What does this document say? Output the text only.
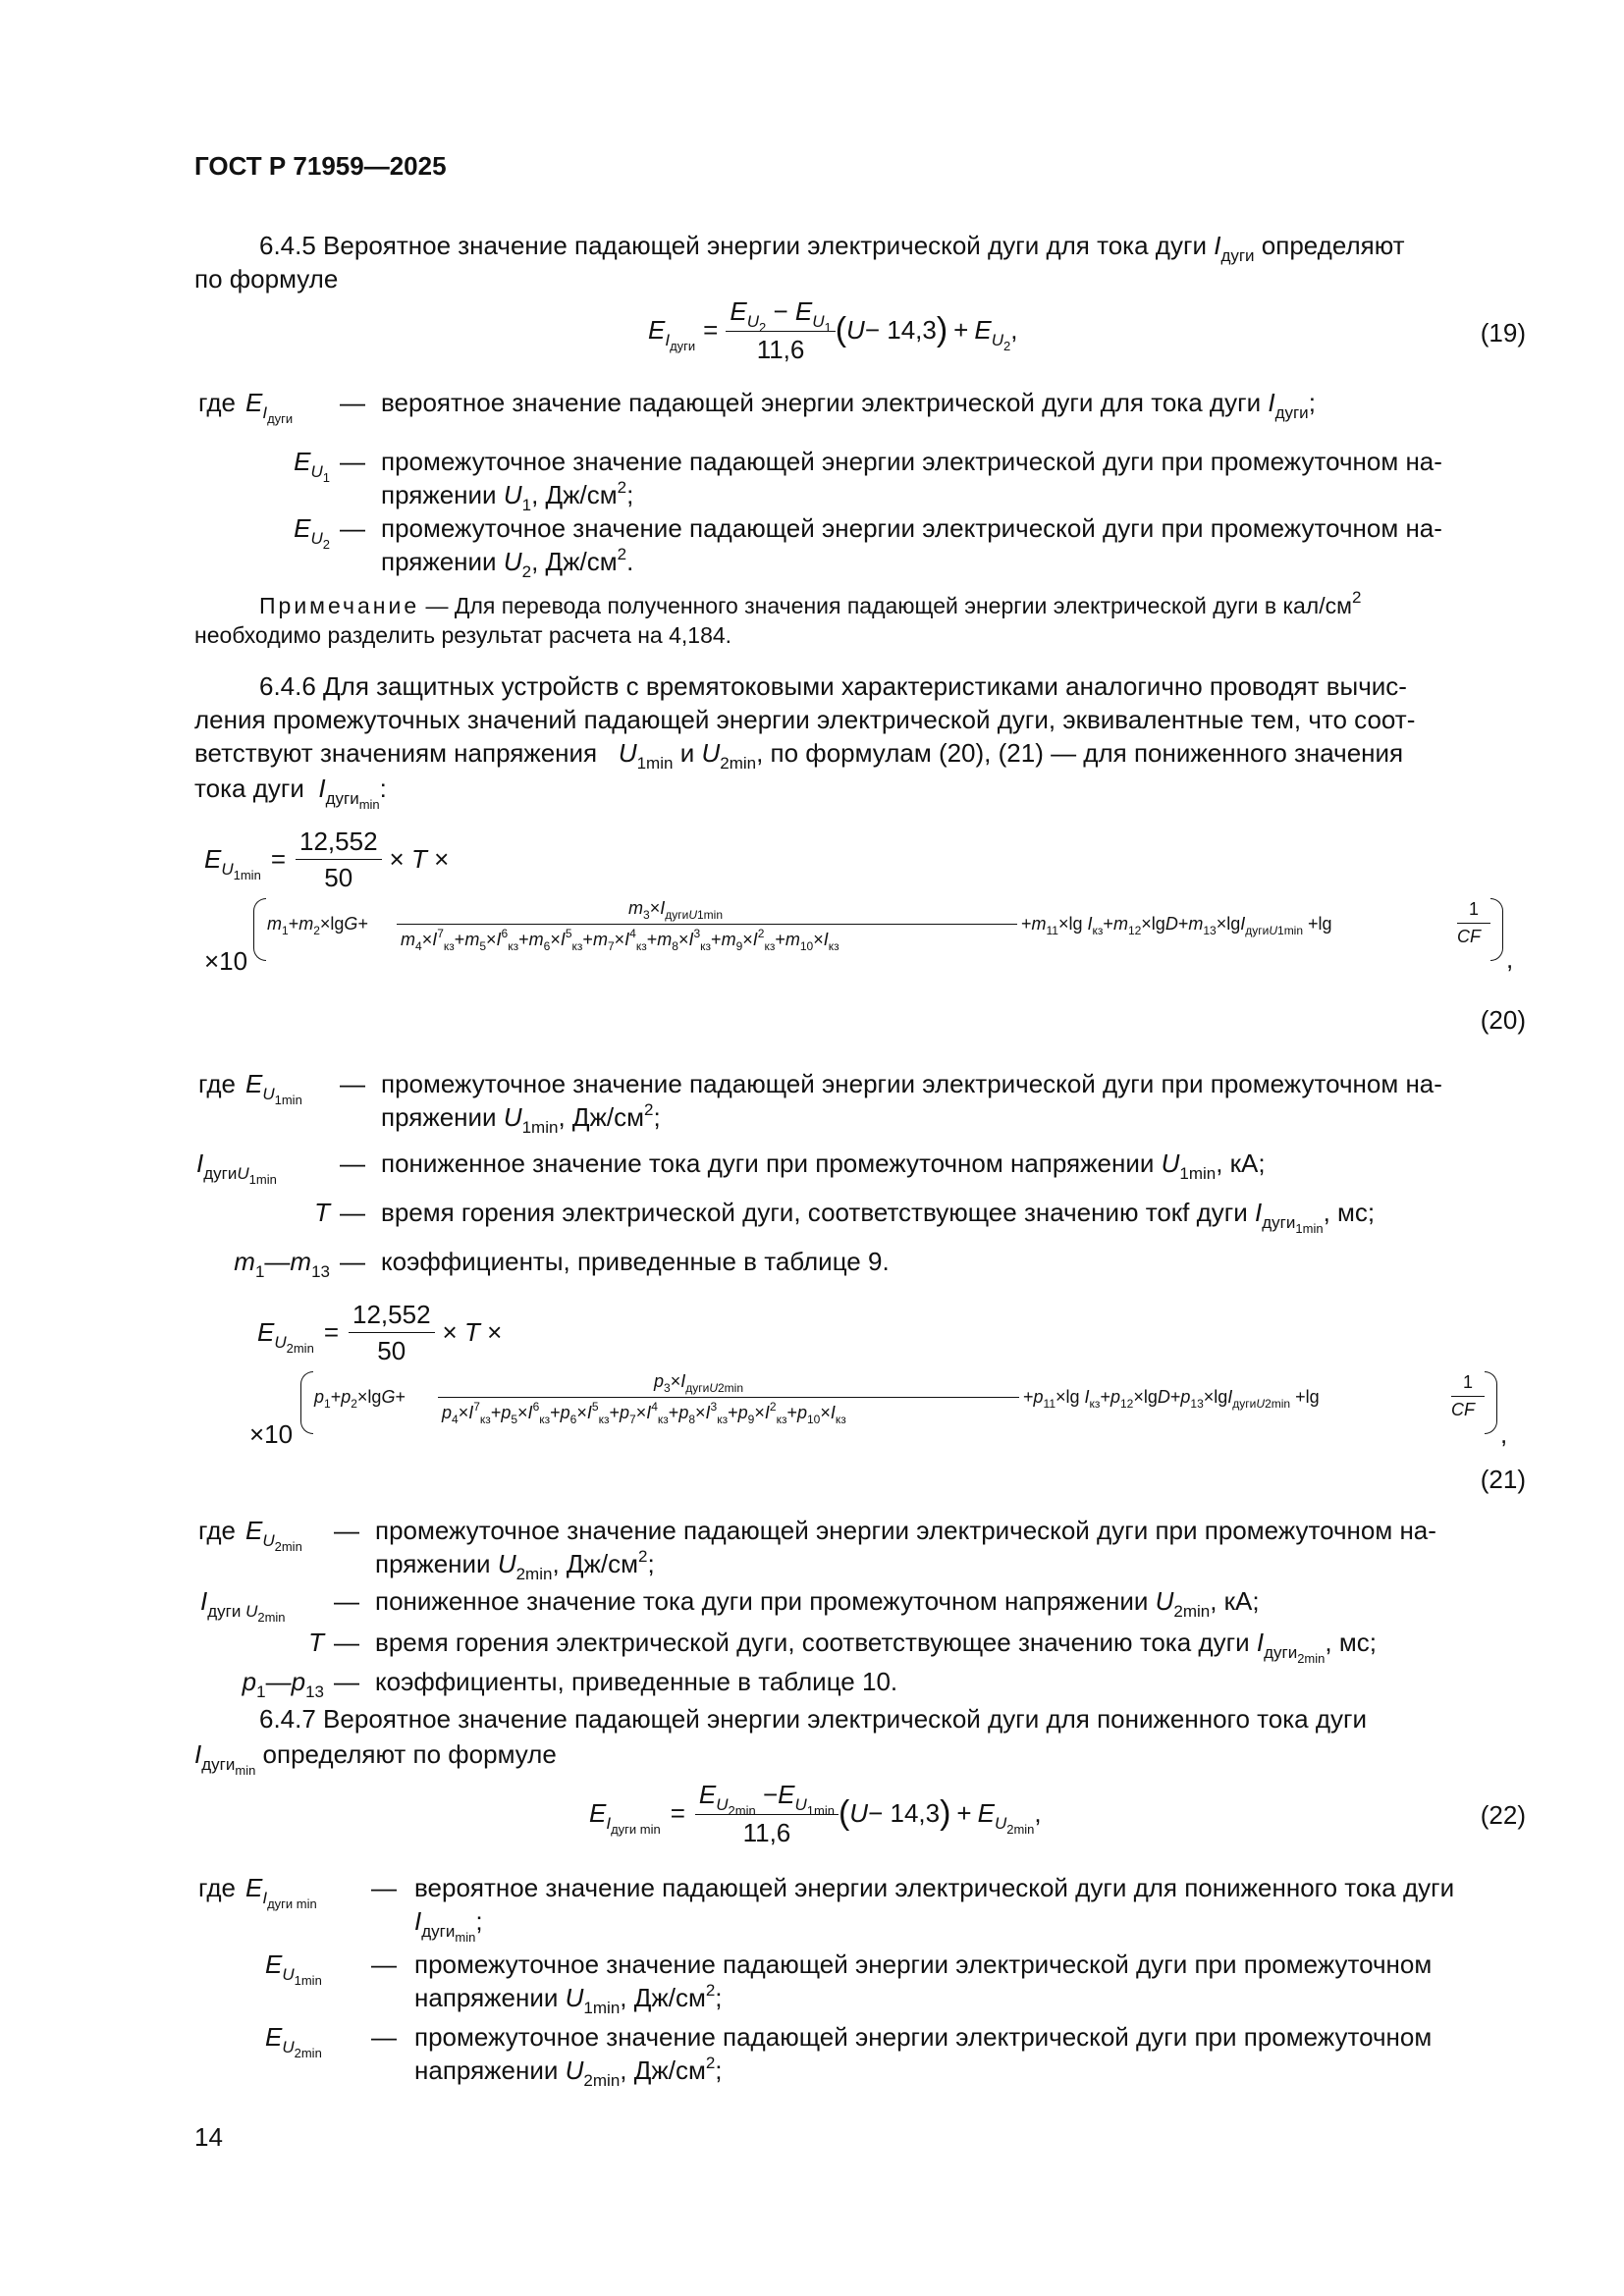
ГОСТ Р 71959—2025
6.4.5 Вероятное значение падающей энергии электрической дуги для тока дуги $I_{дуги}$ определяют
по формуле
$E_{I_{дуги}}$
= $\frac{E_{U_2} - E_{U_1}}{11,6}$ ( U − 14,3 ) + $E_{U_2}$,	(19)
где $E_{I_{дуги}}$
— вероятное значение падающей энергии электрической дуги для тока дуги $I_{дуги}$;
$E_{U_1}$
— промежуточное значение падающей энергии электрической дуги при промежуточном на-
пряжении $U_1$, $Дж/см^2$;
$E_{U_2}$
— промежуточное значение падающей энергии электрической дуги при промежуточном на-
пряжении $U_2$, $Дж/см^2$.
Примечание — Для перевода полученного значения падающей энергии электрической дуги в кал/$см^2$
необходимо разделить результат расчета на 4,184.
6.4.6 Для защитных устройств с времятоковыми характеристиками аналогично проводят вычис-
ления промежуточных значений падающей энергии электрической дуги, эквивалентные тем, что соот-
ветствуют значениям напряжения $U_{1min}$ и $U_{2min}$, по формулам (20), (21) — для пониженного значения
тока дуги $I_{дуги_{min}}$:
$E_{U_{1min}}$
= $\frac{12,552}{50} \times T$ ×
×10
$m_1+m_2\times\lg G+$
$m_3\times I_{дугиU1min}$
$m_4\times I^7_{кз}+m_5\times I^6_{кз}+m_6\times I^5_{кз}+m_7\times I^4_{кз}+m_8\times I^3_{кз}+m_9\times I^2_{кз}+m_{10}\times I_{кз}$
$+m_{11}\times\lg$ $I_{кз}+m_{12}\times\lg D+m_{13}\times\lg I_{дугиU1min} +\lg$
1
CF
,
(20)
где $E_{U_{1min}}$
— промежуточное значение падающей энергии электрической дуги при промежуточном на-
пряжении $U_{1min}$, $Дж/см^2$;
$I_{дугиU_{1min}}$
— пониженное значение тока дуги при промежуточном напряжении $U_{1min}$, кА;
T — время горения электрической дуги, соответствующее значению токf дуги $I_{дуги_{1min}}$, мс;
$m_1—m_{13}$ — коэффициенты, приведенные в таблице 9.
$E_{U_{2min}}$
= $\frac{12,552}{50} \times T$ ×
×10
$p_1+p_2\times\lg G+$
$p_3\times I_{дугиU2min}$
$p_4\times I^7_{кз}+p_5\times I^6_{кз}+p_6\times I^5_{кз}+p_7\times I^4_{кз}+p_8\times I^3_{кз}+p_9\times I^2_{кз}+p_{10}\times I_{кз}$
$+p_{11}\times\lg$ $I_{кз}+p_{12}\times\lg D+p_{13}\times\lg I_{дугиU2min} +\lg$
1
CF
,
(21)
где $E_{U_{2min}}$
— промежуточное значение падающей энергии электрической дуги при промежуточном на-
пряжении $U_{2min}$, $Дж/см^2$;
$I_{дуги U_{2min}}$
— пониженное значение тока дуги при промежуточном напряжении $U_{2min}$, кА;
T — время горения электрической дуги, соответствующее значению тока дуги $I_{дуги_{2min}}$, мс;
$p_1—p_{13}$ — коэффициенты, приведенные в таблице 10.
6.4.7 Вероятное значение падающей энергии электрической дуги для пониженного тока дуги
$I_{дуги_{min}}$ определяют по формуле
$E_{I_{дуги min}}$
= $\frac{E_{U_{2min}} -E_{U_{1min}}}{11,6}$ ( U − 14,3 ) + $E_{U_{2min}}$,	(22)
где $E_{I_{дуги min}}$
— вероятное значение падающей энергии электрической дуги для пониженного тока дуги
$I_{дуги_{min}}$;
$E_{U_{1min}}$
— промежуточное значение падающей энергии электрической дуги при промежуточном
напряжении $U_{1min}$, $Дж/см^2$;
$E_{U_{2min}}$
— промежуточное значение падающей энергии электрической дуги при промежуточном
напряжении $U_{2min}$, $Дж/см^2$;
14
